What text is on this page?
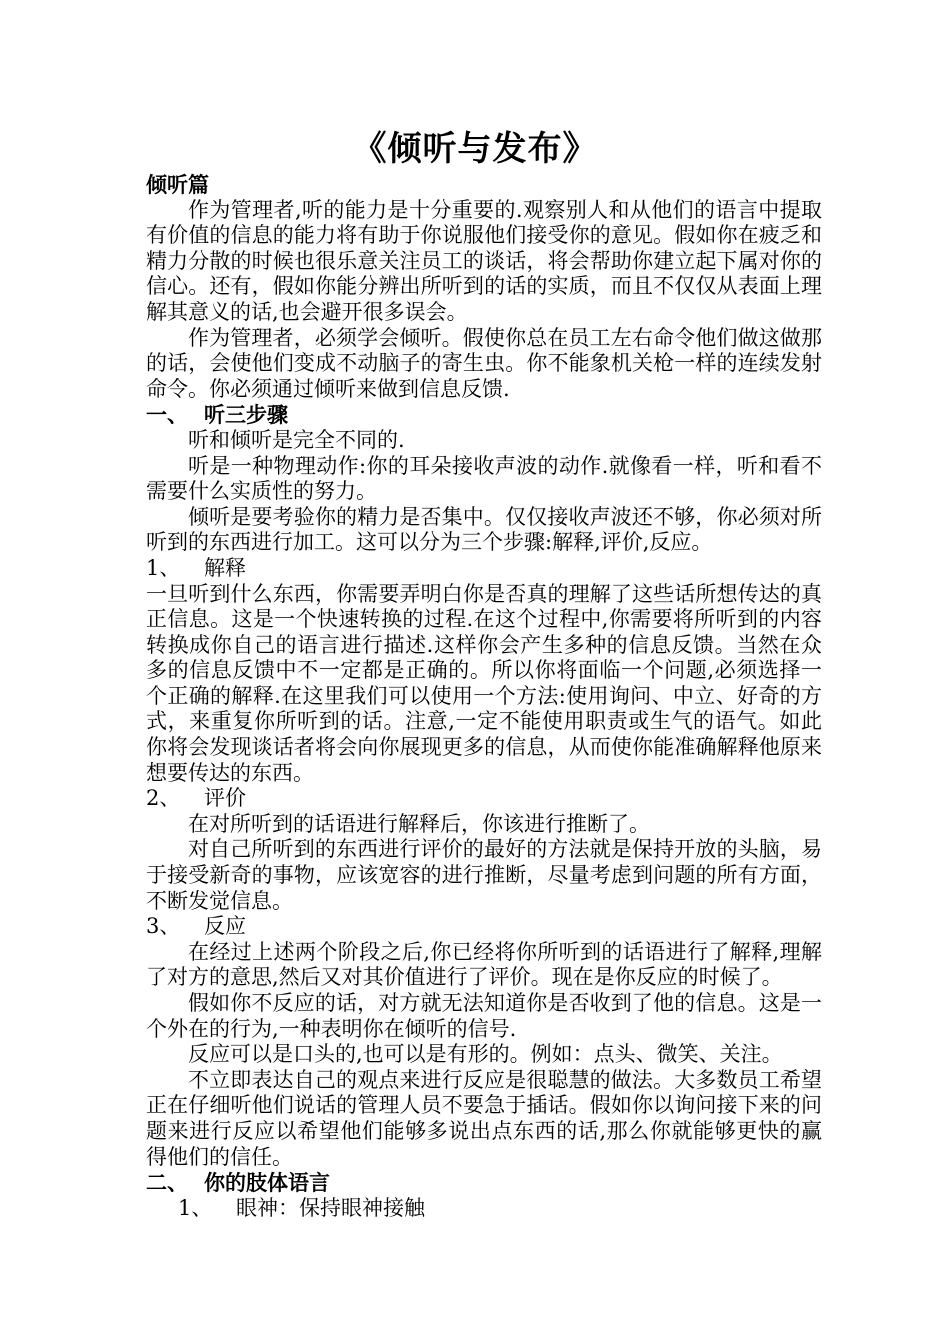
《倾听与发布》

倾听篇

作为管理者,听的能力是十分重要的.观察别人和从他们的语言中提取有价值的信息的能力将有助于你说服他们接受你的意见。假如你在疲乏和精力分散的时候也很乐意关注员工的谈话，将会帮助你建立起下属对你的信心。还有，假如你能分辨出所听到的话的实质，而且不仅仅从表面上理解其意义的话,也会避开很多误会。

作为管理者，必须学会倾听。假使你总在员工左右命令他们做这做那的话，会使他们变成不动脑子的寄生虫。你不能象机关枪一样的连续发射命令。你必须通过倾听来做到信息反馈.

一、 听三步骤

听和倾听是完全不同的.

听是一种物理动作:你的耳朵接收声波的动作.就像看一样，听和看不需要什么实质性的努力。

倾听是要考验你的精力是否集中。仅仅接收声波还不够，你必须对所听到的东西进行加工。这可以分为三个步骤:解释,评价,反应。

1、 解释

一旦听到什么东西，你需要弄明白你是否真的理解了这些话所想传达的真正信息。这是一个快速转换的过程.在这个过程中,你需要将所听到的内容转换成你自己的语言进行描述.这样你会产生多种的信息反馈。当然在众多的信息反馈中不一定都是正确的。所以你将面临一个问题,必须选择一个正确的解释.在这里我们可以使用一个方法:使用询问、中立、好奇的方式，来重复你所听到的话。注意,一定不能使用职责或生气的语气。如此你将会发现谈话者将会向你展现更多的信息，从而使你能准确解释他原来想要传达的东西。

2、 评价

在对所听到的话语进行解释后，你该进行推断了。

对自己所听到的东西进行评价的最好的方法就是保持开放的头脑，易于接受新奇的事物，应该宽容的进行推断，尽量考虑到问题的所有方面，不断发觉信息。

3、 反应

在经过上述两个阶段之后,你已经将你所听到的话语进行了解释,理解了对方的意思,然后又对其价值进行了评价。现在是你反应的时候了。

假如你不反应的话，对方就无法知道你是否收到了他的信息。这是一个外在的行为,一种表明你在倾听的信号.

反应可以是口头的,也可以是有形的。例如：点头、微笑、关注。

不立即表达自己的观点来进行反应是很聪慧的做法。大多数员工希望正在仔细听他们说话的管理人员不要急于插话。假如你以询问接下来的问题来进行反应以希望他们能够多说出点东西的话,那么你就能够更快的赢得他们的信任。

二、 你的肢体语言

1、 眼神：保持眼神接触
